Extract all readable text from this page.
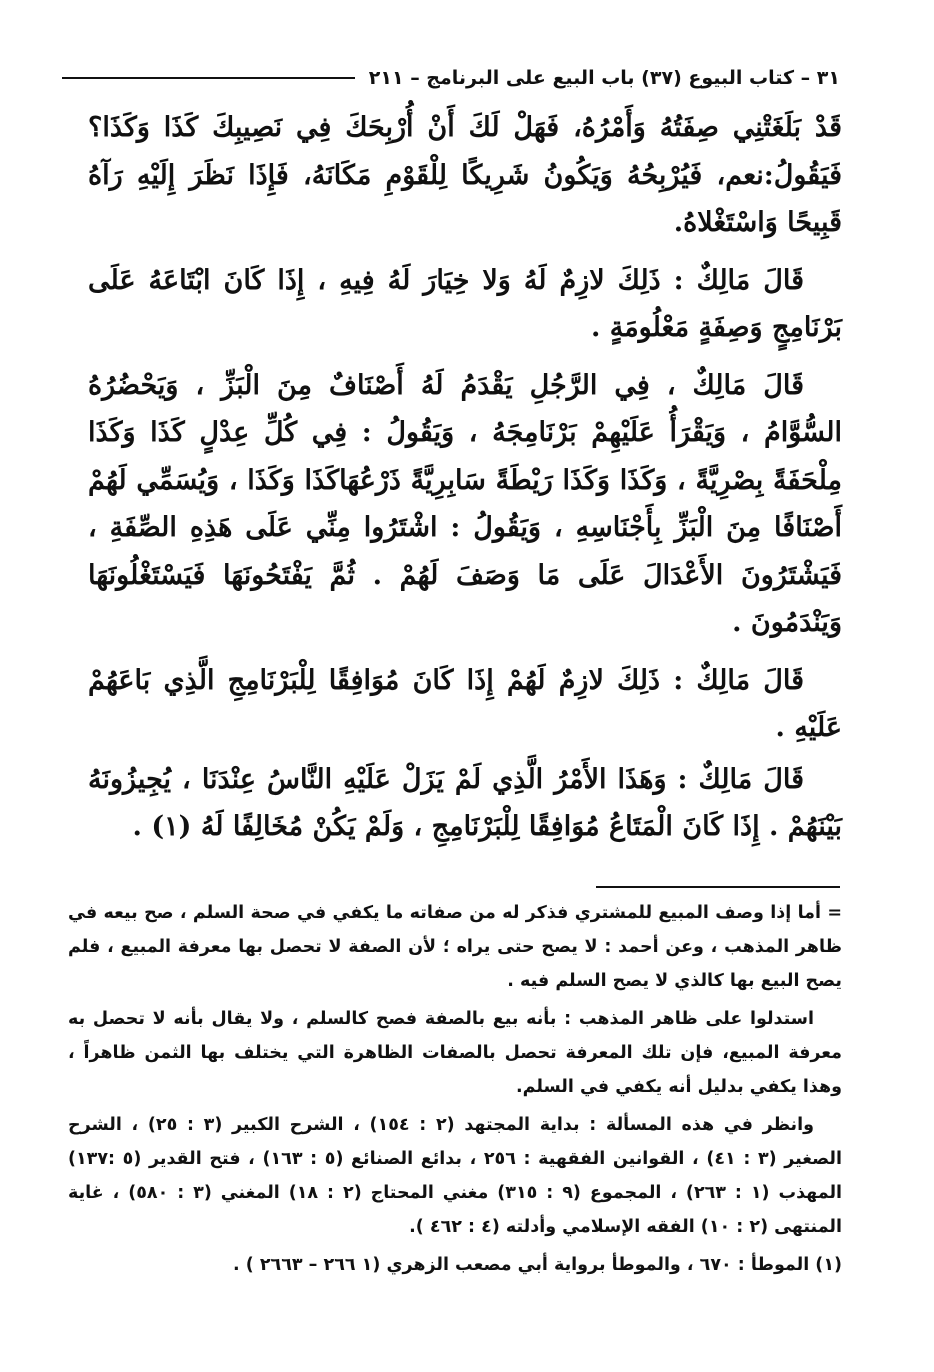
٣١ – كتاب البيوع (٣٧) باب البيع على البرنامج – ٢١١

قَدْ بَلَغَتْنِي صِفَتُهُ وَأَمْرُهُ، فَهَلْ لَكَ أَنْ أُرْبِحَكَ فِي نَصِيبِكَ كَذَا وَكَذَا؟ فَيَقُولُ:نعم، فَيُرْبِحُهُ وَيَكُونُ شَرِيكًا لِلْقَوْمِ مَكَانَهُ، فَإِذَا نَظَرَ إِلَيْهِ رَآهُ قَبِيحًا وَاسْتَغْلاهُ.

قَالَ مَالِكٌ : ذَلِكَ لازِمٌ لَهُ وَلا خِيَارَ لَهُ فِيهِ ، إِذَا كَانَ ابْتَاعَهُ عَلَى بَرْنَامِجٍ وَصِفَةٍ مَعْلُومَةٍ .

قَالَ مَالِكٌ ، فِي الرَّجُلِ يَقْدَمُ لَهُ أَصْنَافٌ مِنَ الْبَزِّ ، وَيَحْضُرُهُ السُّوَّامُ ، وَيَقْرَأُ عَلَيْهِمْ بَرْنَامِجَهُ ، وَيَقُولُ : فِي كُلِّ عِدْلٍ كَذَا وَكَذَا مِلْحَفَةً بِصْرِيَّةً ، وَكَذَا وَكَذَا رَيْطَةً سَابِرِيَّةً ذَرْعُهَاكَذَا وَكَذَا ، وَيُسَمِّي لَهُمْ أَصْنَافًا مِنَ الْبَزِّ بِأَجْنَاسِهِ ، وَيَقُولُ : اشْتَرُوا مِنِّي عَلَى هَذِهِ الصِّفَةِ ، فَيَشْتَرُونَ الأَعْدَالَ عَلَى مَا وَصَفَ لَهُمْ . ثُمَّ يَفْتَحُونَهَا فَيَسْتَغْلُونَهَا وَيَنْدَمُونَ .

قَالَ مَالِكٌ : ذَلِكَ لازِمٌ لَهُمْ إِذَا كَانَ مُوَافِقًا لِلْبَرْنَامِجِ الَّذِي بَاعَهُمْ عَلَيْهِ .

قَالَ مَالِكٌ : وَهَذَا الأَمْرُ الَّذِي لَمْ يَزَلْ عَلَيْهِ النَّاسُ عِنْدَنَا ، يُجِيزُونَهُ بَيْنَهُمْ . إِذَا كَانَ الْمَتَاعُ مُوَافِقًا لِلْبَرْنَامِجِ ، وَلَمْ يَكُنْ مُخَالِفًا لَهُ (١) .

= أما إذا وصف المبيع للمشتري فذكر له من صفاته ما يكفي في صحة السلم ، صح بيعه في ظاهر المذهب ، وعن أحمد : لا يصح حتى يراه ؛ لأن الصفة لا تحصل بها معرفة المبيع ، فلم يصح البيع بها كالذي لا يصح السلم فيه .

استدلوا على ظاهر المذهب : بأنه بيع بالصفة فصح كالسلم ، ولا يقال بأنه لا تحصل به معرفة المبيع، فإن تلك المعرفة تحصل بالصفات الظاهرة التي يختلف بها الثمن ظاهراً ، وهذا يكفي بدليل أنه يكفي في السلم.

وانظر في هذه المسألة : بداية المجتهد (٢ : ١٥٤) ، الشرح الكبير (٣ : ٢٥) ، الشرح الصغير (٣ : ٤١) ، القوانين الفقهية : ٢٥٦ ، بدائع الصنائع (٥ : ١٦٣) ، فتح القدير (٥ :١٣٧) المهذب (١ : ٢٦٣) ، المجموع (٩ : ٣١٥) مغني المحتاج (٢ : ١٨) المغني (٣ : ٥٨٠) ، غاية المنتهى (٢ : ١٠) الفقه الإسلامي وأدلته (٤ : ٤٦٢ ).

(١) الموطأ : ٦٧٠ ، والموطأ برواية أبي مصعب الزهري (١ ٢٦٦ – ٢٦٦٣ ) .
